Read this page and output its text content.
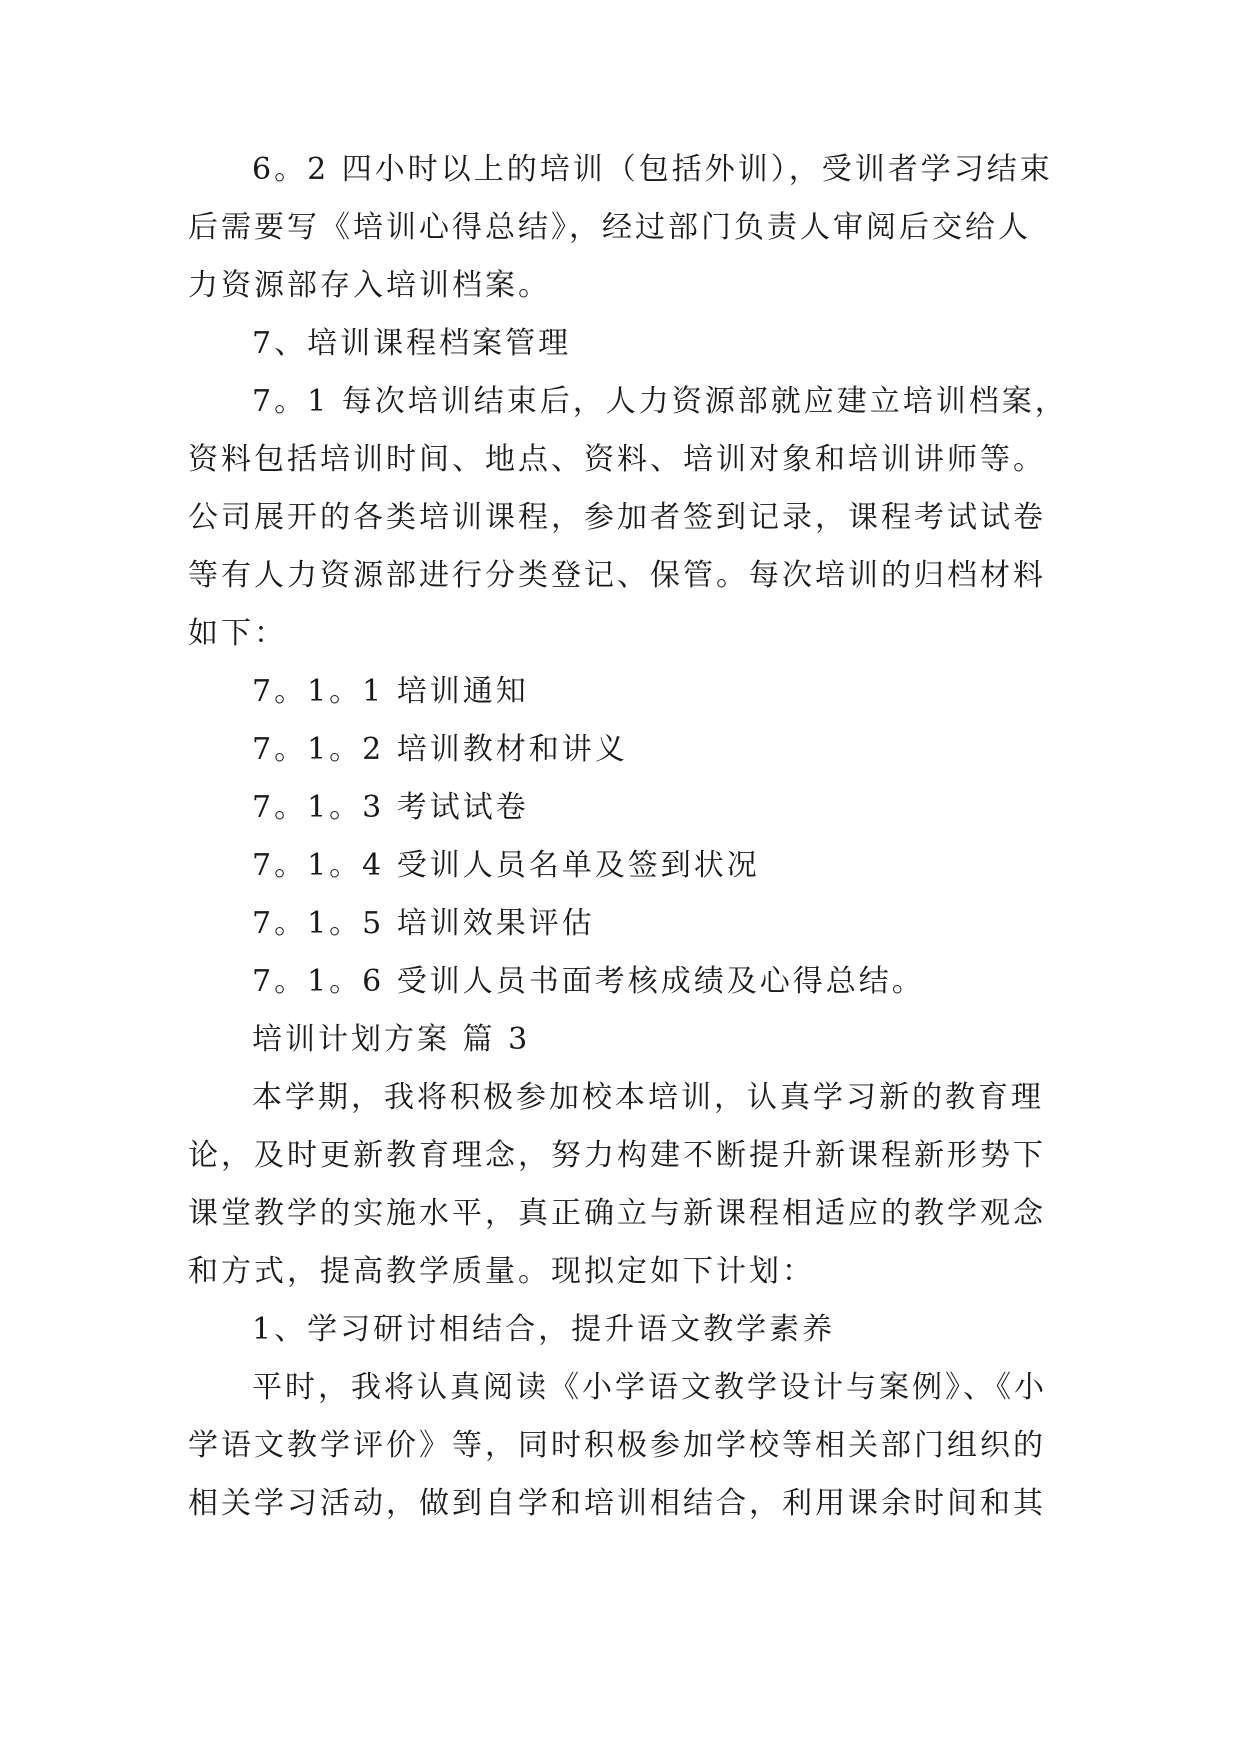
6。2 四小时以上的培训（包括外训），受训者学习结束
后需要写《培训心得总结》，经过部门负责人审阅后交给人
力资源部存入培训档案。
7、培训课程档案管理
7。1 每次培训结束后，人力资源部就应建立培训档案，
资料包括培训时间、地点、资料、培训对象和培训讲师等。
公司展开的各类培训课程，参加者签到记录，课程考试试卷
等有人力资源部进行分类登记、保管。每次培训的归档材料
如下：
7。1。1 培训通知
7。1。2 培训教材和讲义
7。1。3 考试试卷
7。1。4 受训人员名单及签到状况
7。1。5 培训效果评估
7。1。6 受训人员书面考核成绩及心得总结。
培训计划方案 篇 3
本学期，我将积极参加校本培训，认真学习新的教育理
论，及时更新教育理念，努力构建不断提升新课程新形势下
课堂教学的实施水平，真正确立与新课程相适应的教学观念
和方式，提高教学质量。现拟定如下计划：
1、学习研讨相结合，提升语文教学素养
平时，我将认真阅读《小学语文教学设计与案例》、《小
学语文教学评价》等，同时积极参加学校等相关部门组织的
相关学习活动，做到自学和培训相结合，利用课余时间和其
